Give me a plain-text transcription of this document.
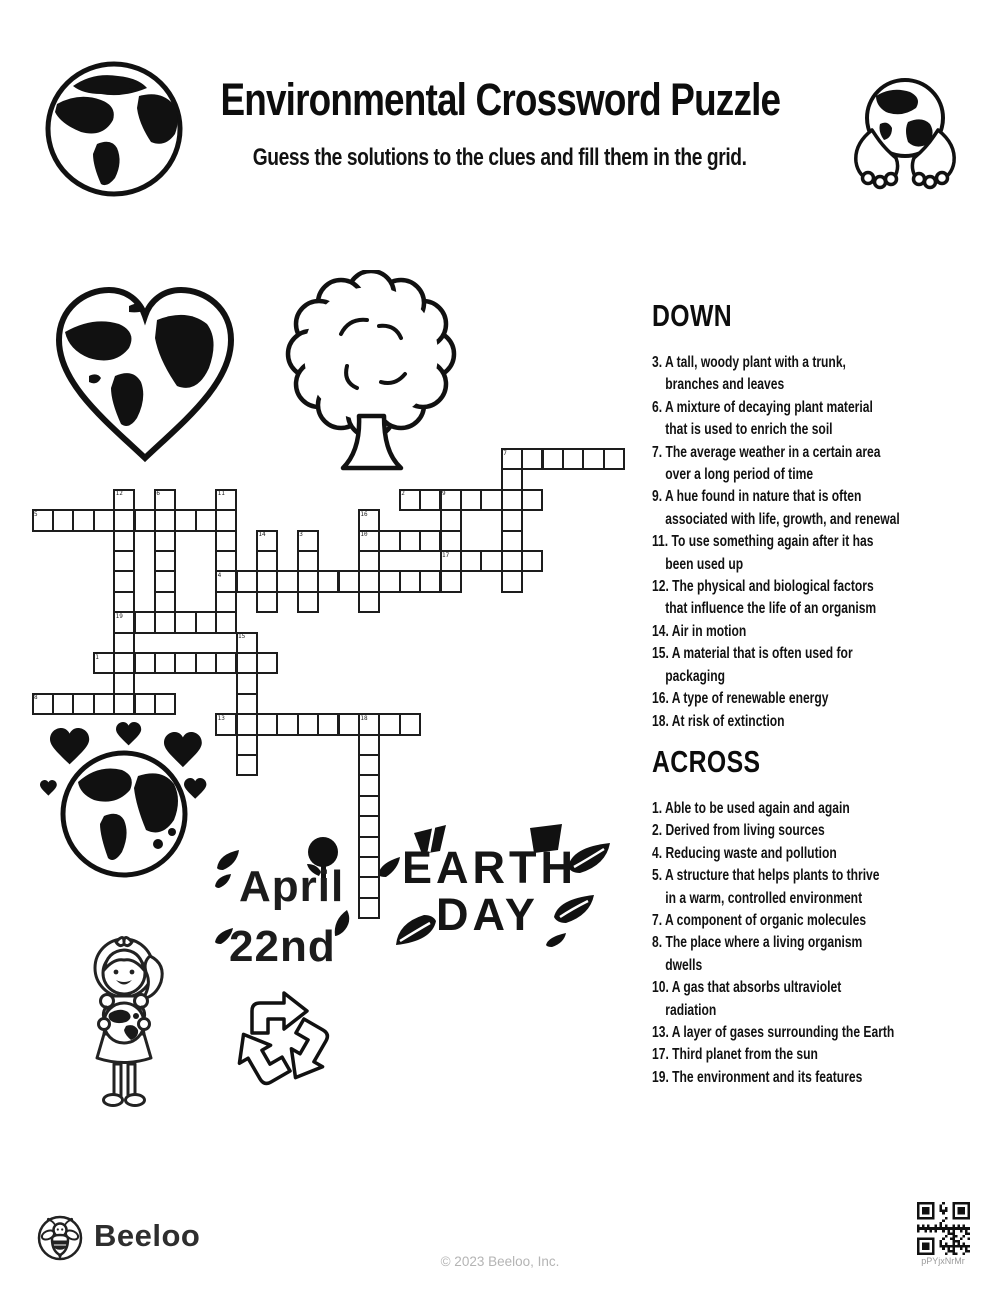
Environmental Crossword Puzzle
Guess the solutions to the clues and fill them in the grid.
April
22nd
EARTH
DAY
7
2
12	6	11	9
5	16
10
14	3
17
4
19
15
1
8
13	18
DOWN
3. A tall, woody plant with a trunk,
branches and leaves
6. A mixture of decaying plant material
that is used to enrich the soil
7. The average weather in a certain area
over a long period of time
9. A hue found in nature that is often
associated with life, growth, and renewal
11. To use something again after it has
been used up
12. The physical and biological factors
that influence the life of an organism
14. Air in motion
15. A material that is often used for
packaging
16. A type of renewable energy
18. At risk of extinction
ACROSS
1. Able to be used again and again
2. Derived from living sources
4. Reducing waste and pollution
5. A structure that helps plants to thrive
in a warm, controlled environment
7. A component of organic molecules
8. The place where a living organism
dwells
10. A gas that absorbs ultraviolet
radiation
13. A layer of gases surrounding the Earth
17. Third planet from the sun
19. The environment and its features
Beeloo
© 2023 Beeloo, Inc.	pPYjxNrMr
